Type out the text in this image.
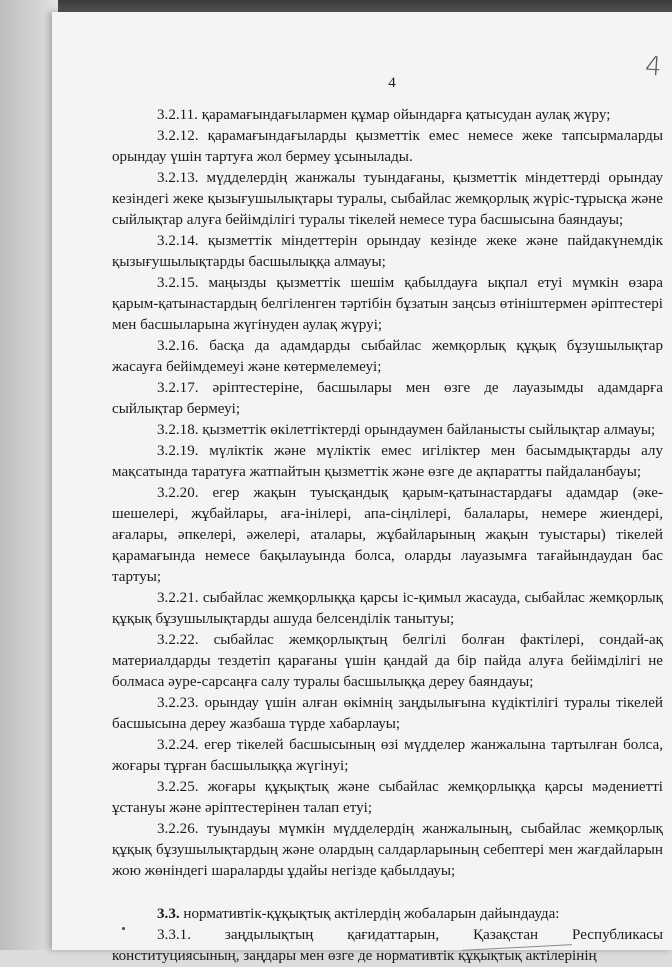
4
4

3.2.11. қарамағындағылармен құмар ойындарға қатысудан аулақ жүру;

3.2.12. қарамағындағыларды қызметтік емес немесе жеке тапсырмаларды орындау үшін тартуға жол бермеу ұсынылады.

3.2.13. мүдделердің жанжалы туындағаны, қызметтік міндеттерді орындау кезіндегі жеке қызығушылықтары туралы, сыбайлас жемқорлық жүріс-тұрысқа және сыйлықтар алуға бейімділігі туралы тікелей немесе тура басшысына баяндауы;

3.2.14. қызметтік міндеттерін орындау кезінде жеке және пайдакүнемдік қызығушылықтарды басшылыққа алмауы;

3.2.15. маңызды қызметтік шешім қабылдауға ықпал етуі мүмкін өзара қарым-қатынастардың белгіленген тәртібін бұзатын заңсыз өтініштермен әріптестері мен басшыларына жүгінуден аулақ жүруі;

3.2.16. басқа да адамдарды сыбайлас жемқорлық құқық бұзушылықтар жасауға бейімдемеуі және көтермелемеуі;

3.2.17. әріптестеріне, басшылары мен өзге де лауазымды адамдарға сыйлықтар бермеуі;

3.2.18. қызметтік өкілеттіктерді орындаумен байланысты сыйлықтар алмауы;

3.2.19. мүліктік және мүліктік емес игіліктер мен басымдықтарды алу мақсатында таратуға жатпайтын қызметтік және өзге де ақпаратты пайдаланбауы;

3.2.20. егер жақын туысқандық қарым-қатынастардағы адамдар (әке-шешелері, жұбайлары, аға-інілері, апа-сіңлілері, балалары, немере жиендері, ағалары, әпкелері, әжелері, аталары, жұбайларының жақын туыстары) тікелей қарамағында немесе бақылауында болса, оларды лауазымға тағайындаудан бас тартуы;

3.2.21. сыбайлас жемқорлыққа қарсы іс-қимыл жасауда, сыбайлас жемқорлық құқық бұзушылықтарды ашуда белсенділік танытуы;

3.2.22. сыбайлас жемқорлықтың белгілі болған фактілері, сондай-ақ материалдарды тездетіп қарағаны үшін қандай да бір пайда алуға бейімділігі не болмаса әуре-сарсаңға салу туралы басшылыққа дереу баяндауы;

3.2.23. орындау үшін алған өкімнің заңдылығына күдіктілігі туралы тікелей басшысына дереу жазбаша түрде хабарлауы;

3.2.24. егер тікелей басшысының өзі мүдделер жанжалына тартылған болса, жоғары тұрған басшылыққа жүгінуі;

3.2.25. жоғары құқықтық және сыбайлас жемқорлыққа қарсы мәдениетті ұстануы және әріптестерінен талап етуі;

3.2.26. туындауы мүмкін мүдделердің жанжалының, сыбайлас жемқорлық құқық бұзушылықтардың және олардың салдарларының себептері мен жағдайларын жою жөніндегі шараларды ұдайы негізде қабылдауы;

3.3. нормативтік-құқықтық актілердің жобаларын дайындауда:

3.3.1. заңдылықтың қағидаттарын, Қазақстан Республикасы конституциясының, заңдары мен өзге де нормативтік құқықтық актілерінің
